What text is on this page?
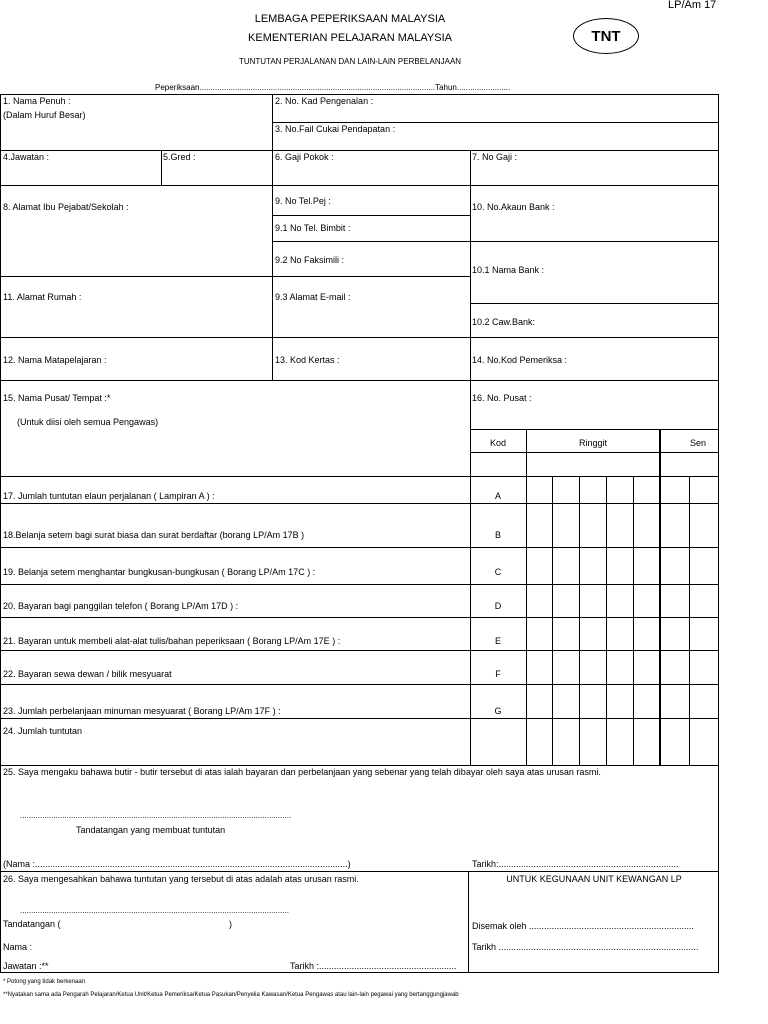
LP/Am 17
LEMBAGA PEPERIKSAAN MALAYSIA
KEMENTERIAN PELAJARAN MALAYSIA	TNT
TUNTUTAN PERJALANAN DAN LAIN-LAIN PERBELANJAAN
Peperiksaan..........................................................................................................Tahun........................
1. Nama Penuh :
(Dalam Huruf Besar)
2. No. Kad Pengenalan :
3. No.Fail Cukai Pendapatan :
4.Jawatan :	5.Gred :	6. Gaji Pokok :	7. No Gaji :
8. Alamat Ibu Pejabat/Sekolah :
9. No Tel.Pej :
9.1 No Tel. Bimbit :
9.2 No Faksimili :
9.3 Alamat E-mail :
10. No.Akaun Bank :
10.1 Nama Bank :
10.2 Caw.Bank:
11. Alamat Rumah :
12. Nama Matapelajaran :	13. Kod Kertas :	14. No.Kod Pemeriksa :
15. Nama Pusat/ Tempat :*
(Untuk diisi oleh semua Pengawas)
16. No. Pusat :
Kod	Ringgit	Sen
17. Jumlah tuntutan elaun perjalanan ( Lampiran A ) :	A
18.Belanja setem bagi surat biasa dan surat berdaftar (borang LP/Am 17B )	B
19. Belanja setem menghantar bungkusan-bungkusan ( Borang LP/Am 17C ) :	C
20. Bayaran bagi panggilan telefon ( Borang LP/Am 17D ) :	D
21. Bayaran untuk membeli alat-alat tulis/bahan peperiksaan ( Borang LP/Am 17E ) :	E
22. Bayaran sewa dewan / bilik mesyuarat	F
23. Jumlah perbelanjaan minuman mesyuarat ( Borang LP/Am 17F ) :	G
24. Jumlah tuntutan
25. Saya mengaku bahawa butir - butir tersebut di atas ialah bayaran dan perbelanjaan yang sebenar yang telah dibayar oleh saya atas urusan rasmi.
..........................................................................................................................
Tandatangan yang membuat tuntutan
(Nama :.............................................................................................................................)	Tarikh:........................................................................
26. Saya mengesahkan bahawa tuntutan yang tersebut di atas adalah atas urusan rasmi.
.........................................................................................................................
Tandatangan (	)
Nama :
Jawatan :**	Tarikh :.......................................................
UNTUK KEGUNAAN UNIT KEWANGAN LP
Disemak oleh ..................................................................
Tarikh ................................................................................
* Potong yang tidak berkenaan
**Nyatakan sama ada Pengarah Pelajaran/Ketua Unit/Ketua Pemeriksa/Ketua Pasukan/Penyelia Kawasan/Ketua Pengawas atau lain-lain pegawai yang bertanggungjawab
